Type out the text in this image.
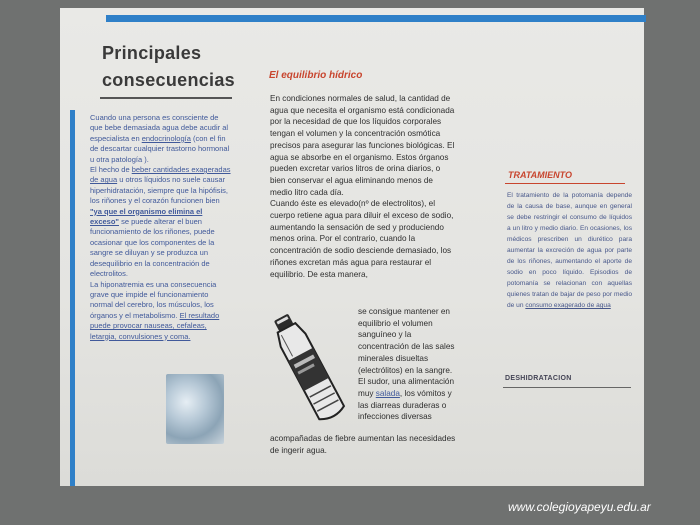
Principales
consecuencias

Cuando una persona es consciente de que bebe demasiada agua debe acudir al especialista en endocrinología (con el fin de descartar cualquier trastorno hormonal u otra patología ).

El hecho de beber cantidades exageradas de agua u otros líquidos no suele causar hiperhidratación, siempre que la hipófisis, los riñones y el corazón funcionen bien "ya que el organismo elimina el exceso" se puede alterar el buen funcionamiento de los riñones, puede ocasionar que los componentes de la sangre se diluyan y se produzca un desequilibrio en la concentración de electrolitos.

La hiponatremia es una consecuencia grave que impide el funcionamiento normal del cerebro, los músculos, los órganos y el metabolismo. El resultado puede provocar nauseas, cefaleas, letargia, convulsiones y coma.

El equilibrio hídrico

En condiciones normales de salud, la cantidad de agua que necesita el organismo está condicionada por la necesidad de que los líquidos corporales tengan el volumen y la concentración osmótica precisos para asegurar las funciones biológicas. El agua se absorbe en el organismo. Estos órganos pueden excretar varios litros de orina diarios, o bien conservar el agua eliminando menos de medio litro cada día.

Cuando éste es elevado(nº de electrolitos), el cuerpo retiene agua para diluir el exceso de sodio, aumentando la sensación de sed y produciendo menos orina. Por el contrario, cuando la concentración de sodio desciende demasiado, los riñones excretan más agua para restaurar el equilibrio. De esta manera,

se consigue mantener en equilibrio el volumen sanguíneo y la concentración de las sales minerales disueltas (electrólitos) en la sangre. El sudor, una alimentación muy salada, los vómitos y las diarreas duraderas o infecciones diversas
acompañadas de fiebre aumentan las necesidades de ingerir agua.
TRATAMIENTO
El tratamiento de la potomanía depende de la causa de base, aunque en general se debe restringir el consumo de líquidos a un litro y medio diario. En ocasiones, los médicos prescriben un diurético para aumentar la excreción de agua por parte de los riñones, aumentando el aporte de sodio en poco líquido. Episodios de potomanía se relacionan con aquellas quienes tratan de bajar de peso por medio de un consumo exagerado de agua
DESHIDRATACION

www.colegioyapeyu.edu.ar
